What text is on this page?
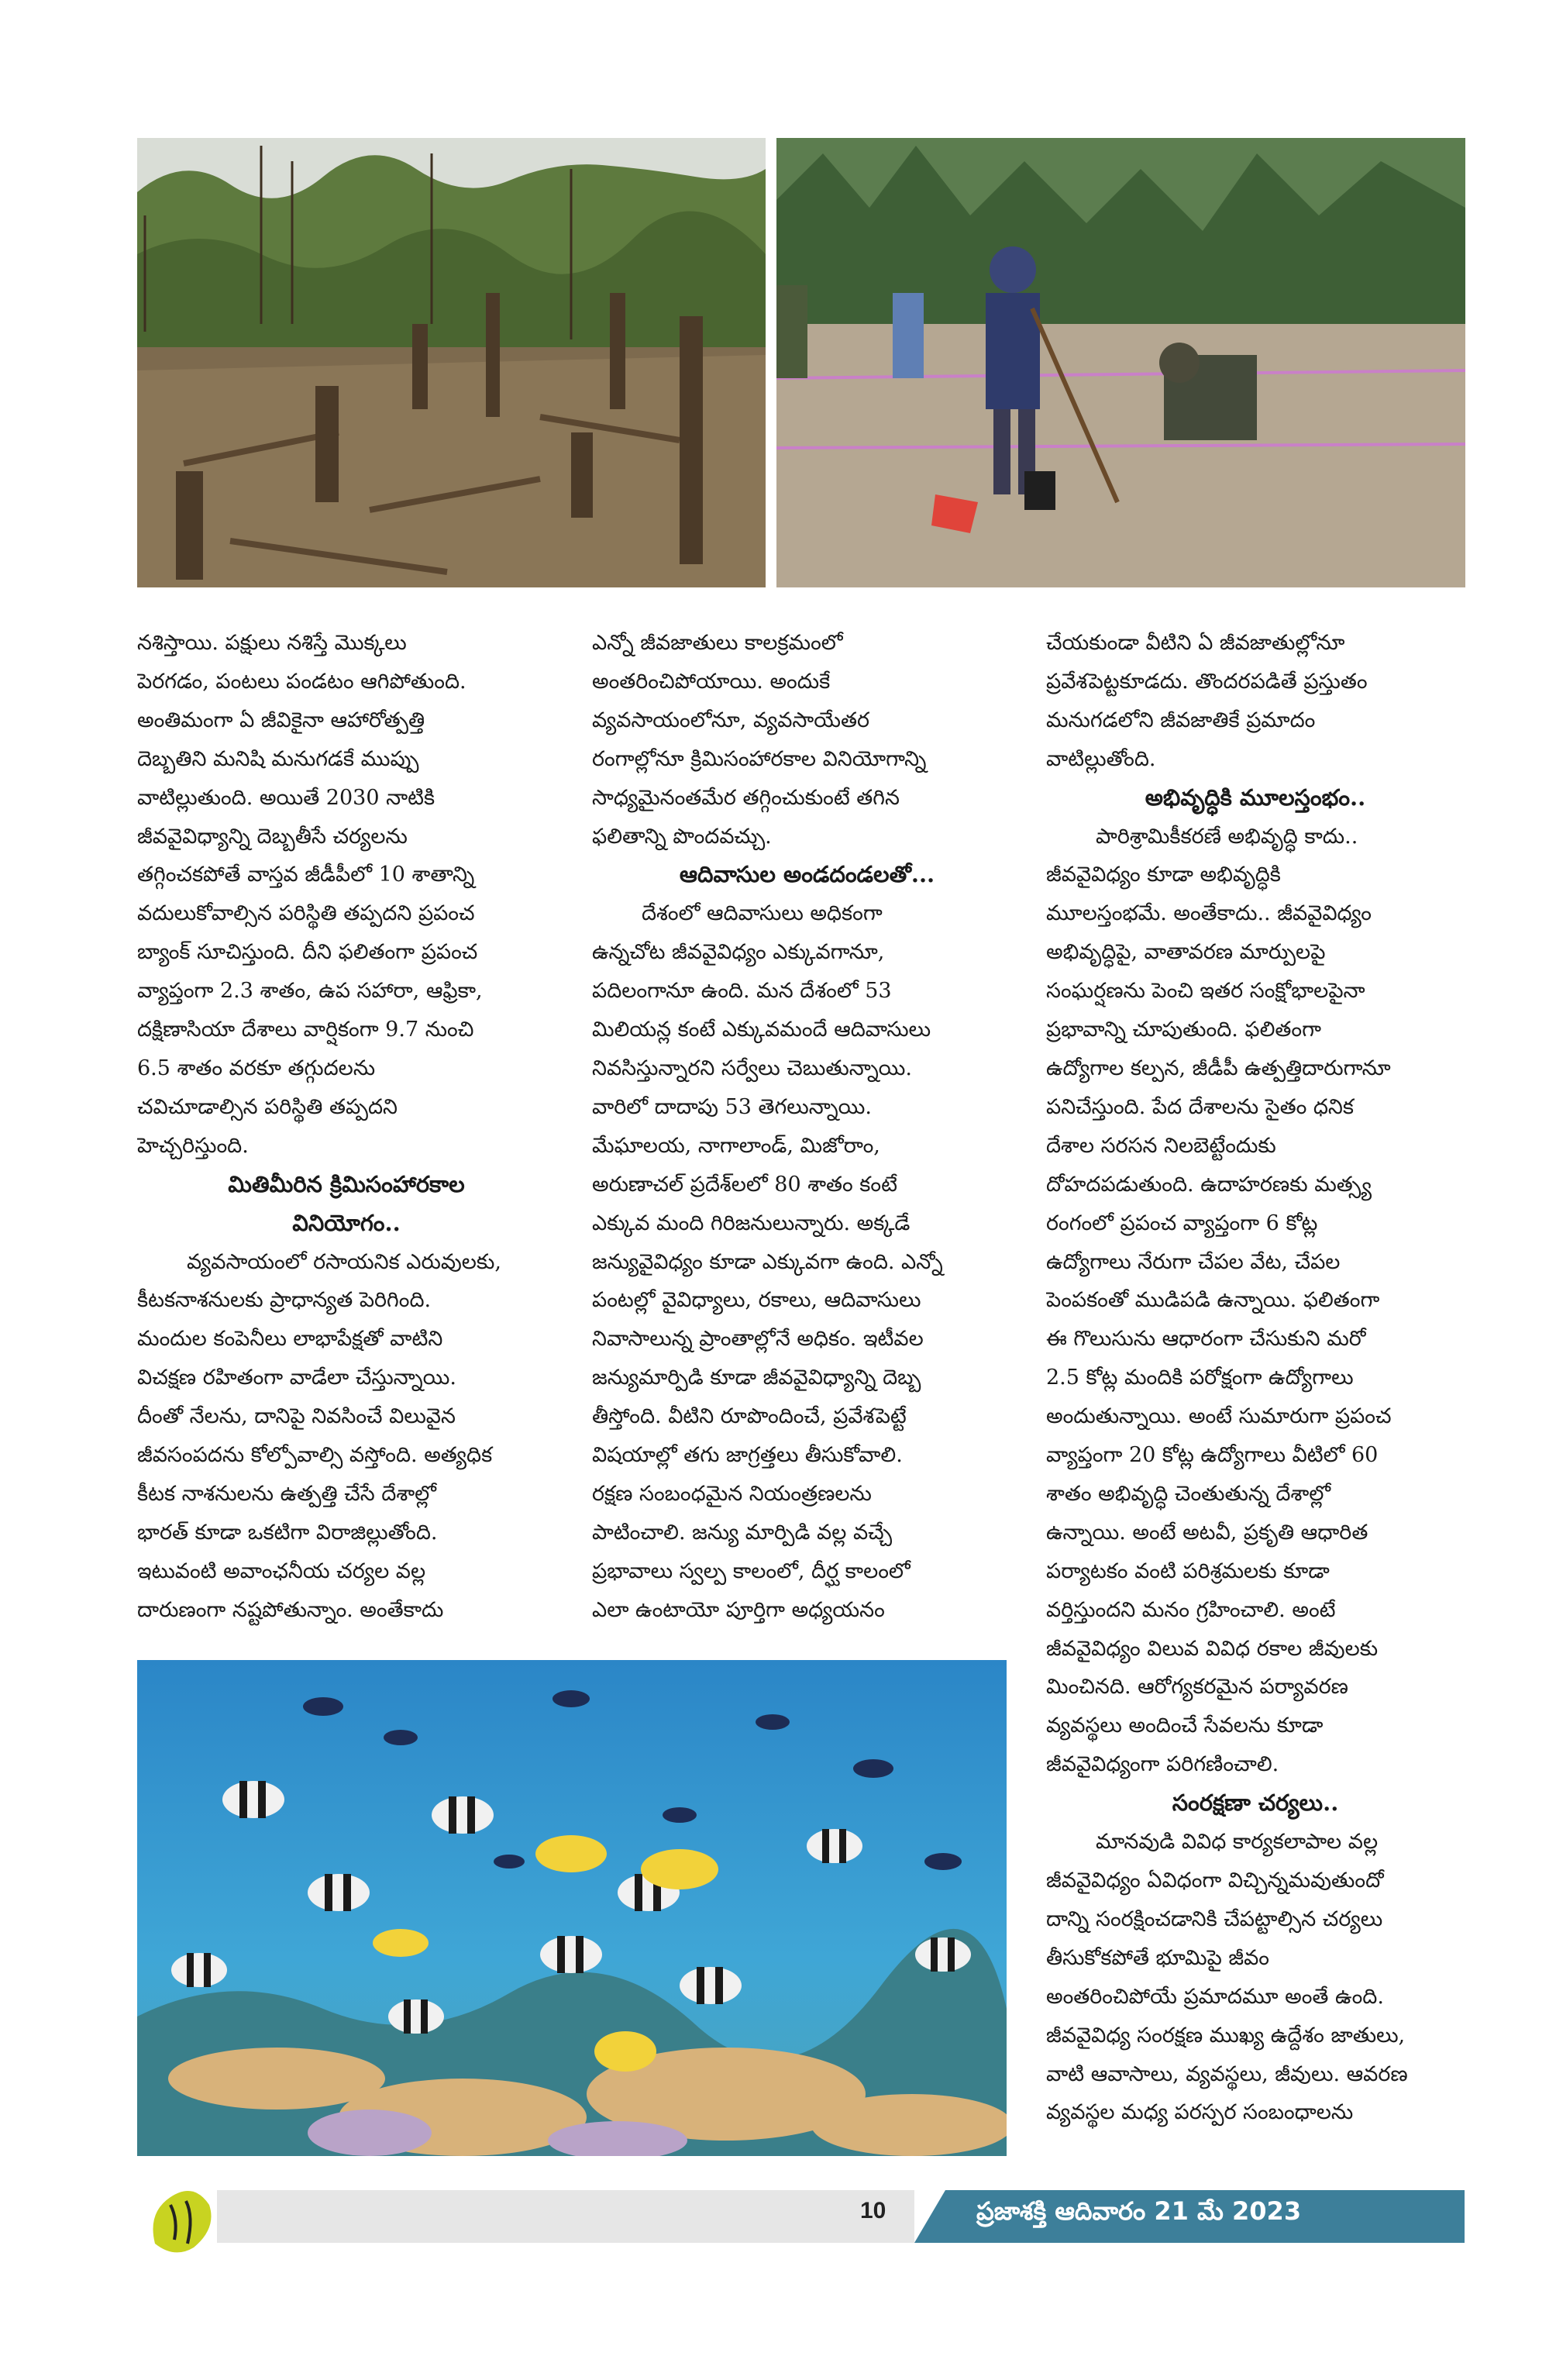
నశిస్తాయి. పక్షులు నశిస్తే మొక్కలు
పెరగడం, పంటలు పండటం ఆగిపోతుంది.
అంతిమంగా ఏ జీవికైనా ఆహారోత్పత్తి
దెబ్బతిని మనిషి మనుగడకే ముప్పు
వాటిల్లుతుంది. అయితే 2030 నాటికి
జీవవైవిధ్యాన్ని దెబ్బతీసే చర్యలను
తగ్గించకపోతే వాస్తవ జీడీపీలో 10 శాతాన్ని
వదులుకోవాల్సిన పరిస్థితి తప్పదని ప్రపంచ
బ్యాంక్ సూచిస్తుంది. దీని ఫలితంగా ప్రపంచ
వ్యాప్తంగా 2.3 శాతం, ఉప సహారా, ఆఫ్రికా,
దక్షిణాసియా దేశాలు వార్షికంగా 9.7 నుంచి
6.5 శాతం వరకూ తగ్గుదలను
చవిచూడాల్సిన పరిస్థితి తప్పదని
హెచ్చరిస్తుంది.
మితిమీరిన క్రిమిసంహారకాల
వినియోగం..
వ్యవసాయంలో రసాయనిక ఎరువులకు,
కీటకనాశనులకు ప్రాధాన్యత పెరిగింది.
మందుల కంపెనీలు లాభాపేక్షతో వాటిని
విచక్షణ రహితంగా వాడేలా చేస్తున్నాయి.
దీంతో నేలను, దానిపై నివసించే విలువైన
జీవసంపదను కోల్పోవాల్సి వస్తోంది. అత్యధిక
కీటక నాశనులను ఉత్పత్తి చేసే దేశాల్లో
భారత్ కూడా ఒకటిగా విరాజిల్లుతోంది.
ఇటువంటి అవాంఛనీయ చర్యల వల్ల
దారుణంగా నష్టపోతున్నాం. అంతేకాదు
ఎన్నో జీవజాతులు కాలక్రమంలో
అంతరించిపోయాయి. అందుకే
వ్యవసాయంలోనూ, వ్యవసాయేతర
రంగాల్లోనూ క్రిమిసంహారకాల వినియోగాన్ని
సాధ్యమైనంతమేర తగ్గించుకుంటే తగిన
ఫలితాన్ని పొందవచ్చు.
ఆదివాసుల అండదండలతో...
దేశంలో ఆదివాసులు అధికంగా
ఉన్నచోట జీవవైవిధ్యం ఎక్కువగానూ,
పదిలంగానూ ఉంది. మన దేశంలో 53
మిలియన్ల కంటే ఎక్కువమందే ఆదివాసులు
నివసిస్తున్నారని సర్వేలు చెబుతున్నాయి.
వారిలో దాదాపు 53 తెగలున్నాయి.
మేఘాలయ, నాగాలాండ్, మిజోరాం,
అరుణాచల్ ప్రదేశ్‌లలో 80 శాతం కంటే
ఎక్కువ మంది గిరిజనులున్నారు. అక్కడే
జన్యువైవిధ్యం కూడా ఎక్కువగా ఉంది. ఎన్నో
పంటల్లో వైవిధ్యాలు, రకాలు, ఆదివాసులు
నివాసాలున్న ప్రాంతాల్లోనే అధికం. ఇటీవల
జన్యుమార్పిడి కూడా జీవవైవిధ్యాన్ని దెబ్బ
తీస్తోంది. వీటిని రూపొందించే, ప్రవేశపెట్టే
విషయాల్లో తగు జాగ్రత్తలు తీసుకోవాలి.
రక్షణ సంబంధమైన నియంత్రణలను
పాటించాలి. జన్యు మార్పిడి వల్ల వచ్చే
ప్రభావాలు స్వల్ప కాలంలో, దీర్ఘ కాలంలో
ఎలా ఉంటాయో పూర్తిగా అధ్యయనం
చేయకుండా వీటిని ఏ జీవజాతుల్లోనూ
ప్రవేశపెట్టకూడదు. తొందరపడితే ప్రస్తుతం
మనుగడలోని జీవజాతికే ప్రమాదం
వాటిల్లుతోంది.
అభివృద్ధికి మూలస్తంభం..
పారిశ్రామికీకరణే అభివృద్ధి కాదు..
జీవవైవిధ్యం కూడా అభివృద్ధికి
మూలస్తంభమే. అంతేకాదు.. జీవవైవిధ్యం
అభివృద్ధిపై, వాతావరణ మార్పులపై
సంఘర్షణను పెంచి ఇతర సంక్షోభాలపైనా
ప్రభావాన్ని చూపుతుంది. ఫలితంగా
ఉద్యోగాల కల్పన, జీడీపీ ఉత్పత్తిదారుగానూ
పనిచేస్తుంది. పేద దేశాలను సైతం ధనిక
దేశాల సరసన నిలబెట్టేందుకు
దోహదపడుతుంది. ఉదాహరణకు మత్స్య
రంగంలో ప్రపంచ వ్యాప్తంగా 6 కోట్ల
ఉద్యోగాలు నేరుగా చేపల వేట, చేపల
పెంపకంతో ముడిపడి ఉన్నాయి. ఫలితంగా
ఈ గొలుసును ఆధారంగా చేసుకుని మరో
2.5 కోట్ల మందికి పరోక్షంగా ఉద్యోగాలు
అందుతున్నాయి. అంటే సుమారుగా ప్రపంచ
వ్యాప్తంగా 20 కోట్ల ఉద్యోగాలు వీటిలో 60
శాతం అభివృద్ధి చెంతుతున్న దేశాల్లో
ఉన్నాయి. అంటే అటవీ, ప్రకృతి ఆధారిత
పర్యాటకం వంటి పరిశ్రమలకు కూడా
వర్తిస్తుందని మనం గ్రహించాలి. అంటే
జీవవైవిధ్యం విలువ వివిధ రకాల జీవులకు
మించినది. ఆరోగ్యకరమైన పర్యావరణ
వ్యవస్థలు అందించే సేవలను కూడా
జీవవైవిధ్యంగా పరిగణించాలి.
సంరక్షణా చర్యలు..
మానవుడి వివిధ కార్యకలాపాల వల్ల
జీవవైవిధ్యం ఏవిధంగా విచ్చిన్నమవుతుందో
దాన్ని సంరక్షించడానికి చేపట్టాల్సిన చర్యలు
తీసుకోకపోతే భూమిపై జీవం
అంతరించిపోయే ప్రమాదమూ అంతే ఉంది.
జీవవైవిధ్య సంరక్షణ ముఖ్య ఉద్దేశం జాతులు,
వాటి ఆవాసాలు, వ్యవస్థలు, జీవులు. ఆవరణ
వ్యవస్థల మధ్య పరస్పర సంబంధాలను
10	ప్రజాశక్తి ఆదివారం 21 మే 2023
